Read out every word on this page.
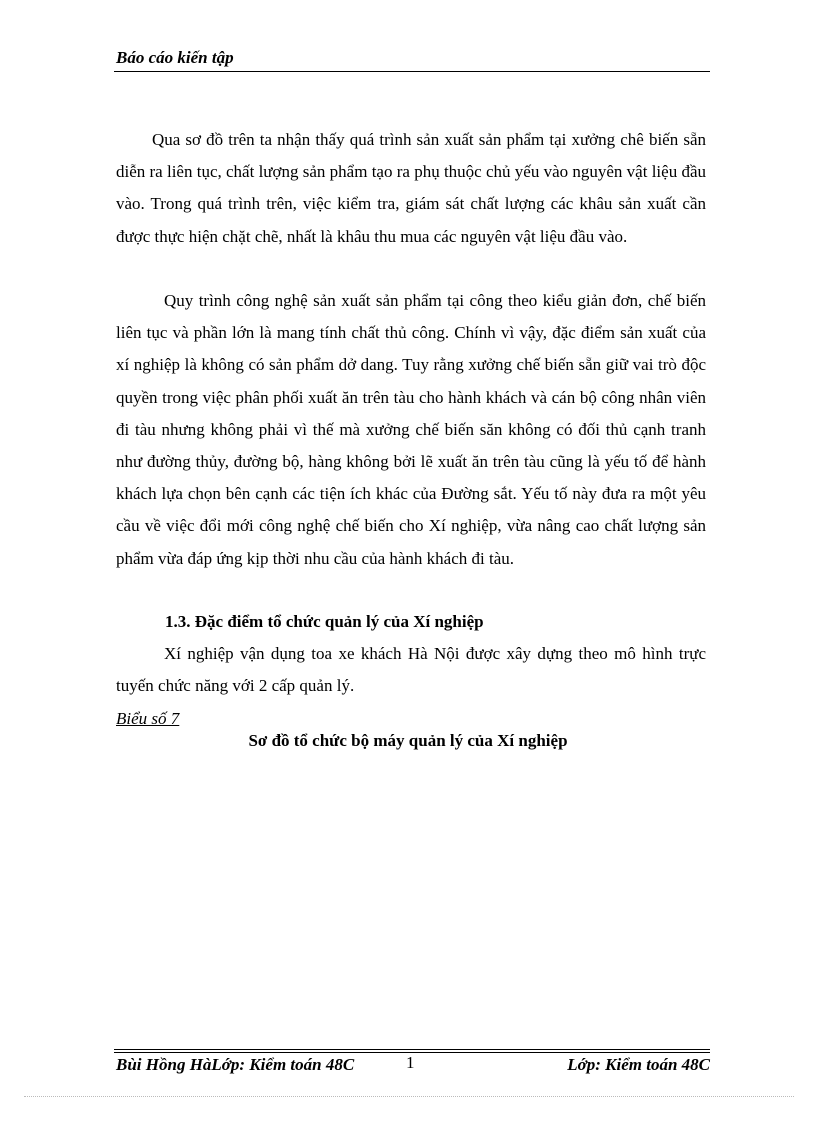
Báo cáo kiến tập

Qua sơ đồ trên ta nhận thấy quá trình sản xuất sản phẩm tại xưởng chê biến sẵn diễn ra liên tục, chất lượng sản phẩm tạo ra phụ thuộc chủ yếu vào nguyên vật liệu đầu vào. Trong quá trình trên, việc kiểm tra, giám sát chất lượng các khâu sản xuất cần được thực hiện chặt chẽ, nhất là khâu thu mua các nguyên vật liệu đầu vào.

Quy trình công nghệ sản xuất sản phẩm tại công theo kiểu giản đơn, chế biến liên tục và phần lớn là mang tính chất thủ công. Chính vì vậy, đặc điểm sản xuất của xí nghiệp là không có sản phẩm dở dang. Tuy rằng xưởng chế biến sẵn giữ vai trò độc quyền trong việc phân phối xuất ăn trên tàu cho hành khách và cán bộ công nhân viên đi tàu nhưng không phải vì thế mà xưởng chế biến săn không có đối thủ cạnh tranh như đường thủy, đường bộ, hàng không bởi lẽ xuất ăn trên tàu cũng là yếu tố để hành khách lựa chọn bên cạnh các tiện ích khác của Đường sắt. Yếu tố này đưa ra một yêu cầu về việc đổi mới công nghệ chế biến cho Xí nghiệp, vừa nâng cao chất lượng sản phẩm vừa đáp ứng kịp thời nhu cầu của hành khách đi tàu.

1.3. Đặc điểm tổ chức quản lý của Xí nghiệp

Xí nghiệp vận dụng toa xe khách Hà Nội được xây dựng theo mô hình trực tuyến chức năng với 2 cấp quản lý.

Biểu số 7
Sơ đồ tổ chức bộ máy quản lý của Xí nghiệp
Bùi Hồng HàLớp: Kiểm toán 48C	1	Lớp: Kiểm toán 48C
